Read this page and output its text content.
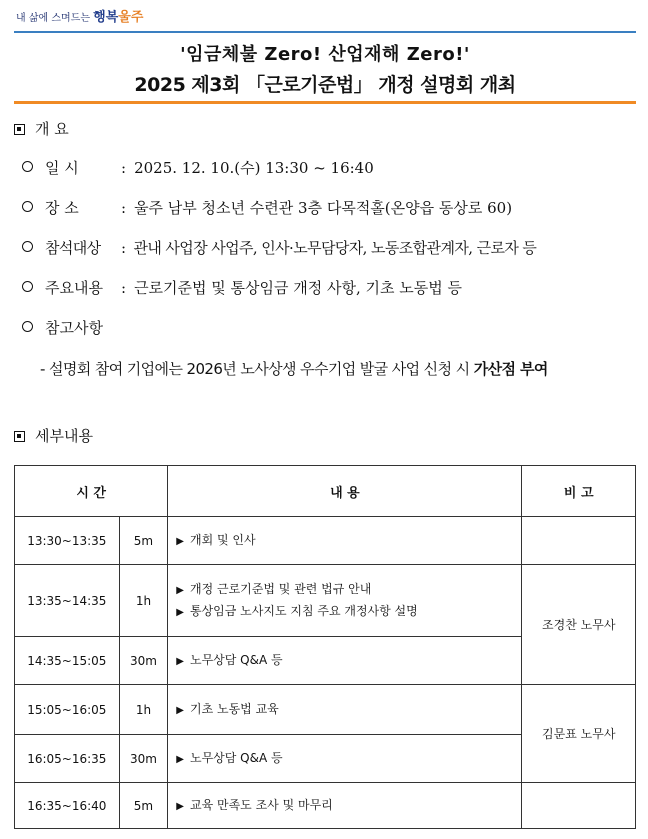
내 삶에 스며드는 행복울주
'임금체불 Zero! 산업재해 Zero!'
2025 제3회 「근로기준법」 개정 설명회 개최
개 요
일 시	: 2025. 12. 10.(수) 13:30 ~ 16:40
장 소	: 울주 남부 청소년 수련관 3층 다목적홀(온양읍 동상로 60)
참석대상 : 관내 사업장 사업주, 인사·노무담당자, 노동조합관계자, 근로자 등
주요내용 : 근로기준법 및 통상임금 개정 사항, 기초 노동법 등
참고사항
- 설명회 참여 기업에는 2026년 노사상생 우수기업 발굴 사업 신청 시 가산점 부여
세부내용
시 간		내 용	비 고
13:30~13:35	5m	▶ 개회 및 인사	

13:35~14:35	1h	▶ 개정 근로기준법 및 관련 법규 안내
▶ 통상임금 노사지도 지침 주요 개정사항 설명	조경찬 노무사
14:35~15:05	30m	▶ 노무상담 Q&A 등	

15:05~16:05	1h	▶ 기초 노동법 교육	김문표 노무사
16:05~16:35	30m	▶ 노무상담 Q&A 등	

16:35~16:40	5m	▶ 교육 만족도 조사 및 마무리	
